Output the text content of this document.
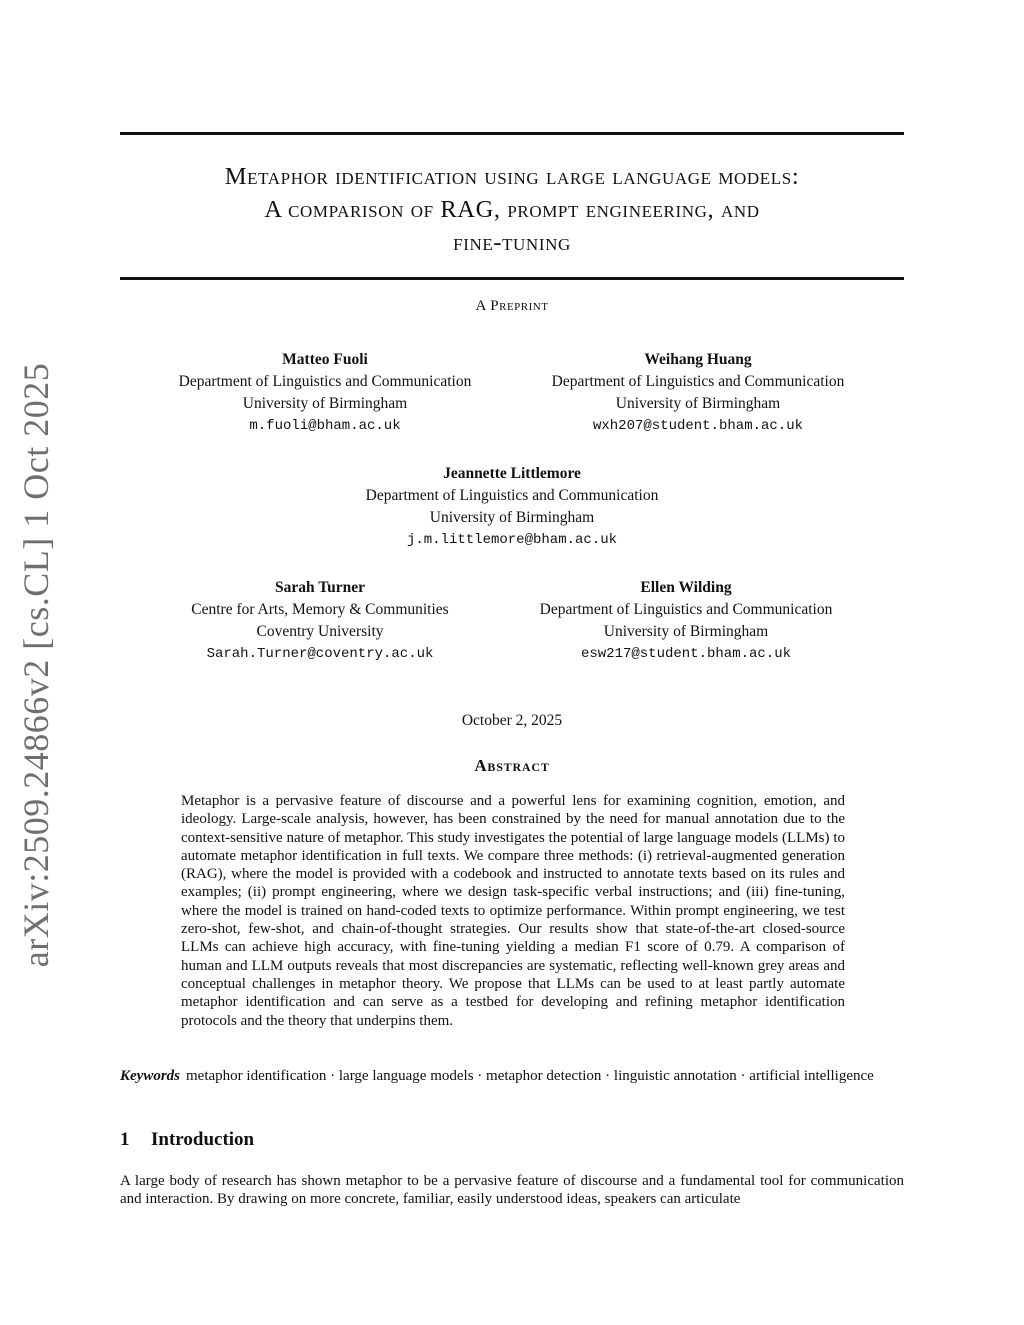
arXiv:2509.24866v2 [cs.CL] 1 Oct 2025
Metaphor identification using large language models:
A comparison of RAG, prompt engineering, and
fine-tuning
A Preprint
Matteo Fuoli
Department of Linguistics and Communication
University of Birmingham
m.fuoli@bham.ac.uk
Weihang Huang
Department of Linguistics and Communication
University of Birmingham
wxh207@student.bham.ac.uk
Jeannette Littlemore
Department of Linguistics and Communication
University of Birmingham
j.m.littlemore@bham.ac.uk
Sarah Turner
Centre for Arts, Memory & Communities
Coventry University
Sarah.Turner@coventry.ac.uk
Ellen Wilding
Department of Linguistics and Communication
University of Birmingham
esw217@student.bham.ac.uk
October 2, 2025
Abstract

Metaphor is a pervasive feature of discourse and a powerful lens for examining cognition, emotion, and ideology. Large-scale analysis, however, has been constrained by the need for manual annotation due to the context-sensitive nature of metaphor. This study investigates the potential of large language models (LLMs) to automate metaphor identification in full texts. We compare three methods: (i) retrieval-augmented generation (RAG), where the model is provided with a codebook and instructed to annotate texts based on its rules and examples; (ii) prompt engineering, where we design task-specific verbal instructions; and (iii) fine-tuning, where the model is trained on hand-coded texts to optimize performance. Within prompt engineering, we test zero-shot, few-shot, and chain-of-thought strategies. Our results show that state-of-the-art closed-source LLMs can achieve high accuracy, with fine-tuning yielding a median F1 score of 0.79. A comparison of human and LLM outputs reveals that most discrepancies are systematic, reflecting well-known grey areas and conceptual challenges in metaphor theory. We propose that LLMs can be used to at least partly automate metaphor identification and can serve as a testbed for developing and refining metaphor identification protocols and the theory that underpins them.

Keywords metaphor identification · large language models · metaphor detection · linguistic annotation · artificial intelligence

1 Introduction

A large body of research has shown metaphor to be a pervasive feature of discourse and a fundamental tool for communication and interaction. By drawing on more concrete, familiar, easily understood ideas, speakers can articulate
